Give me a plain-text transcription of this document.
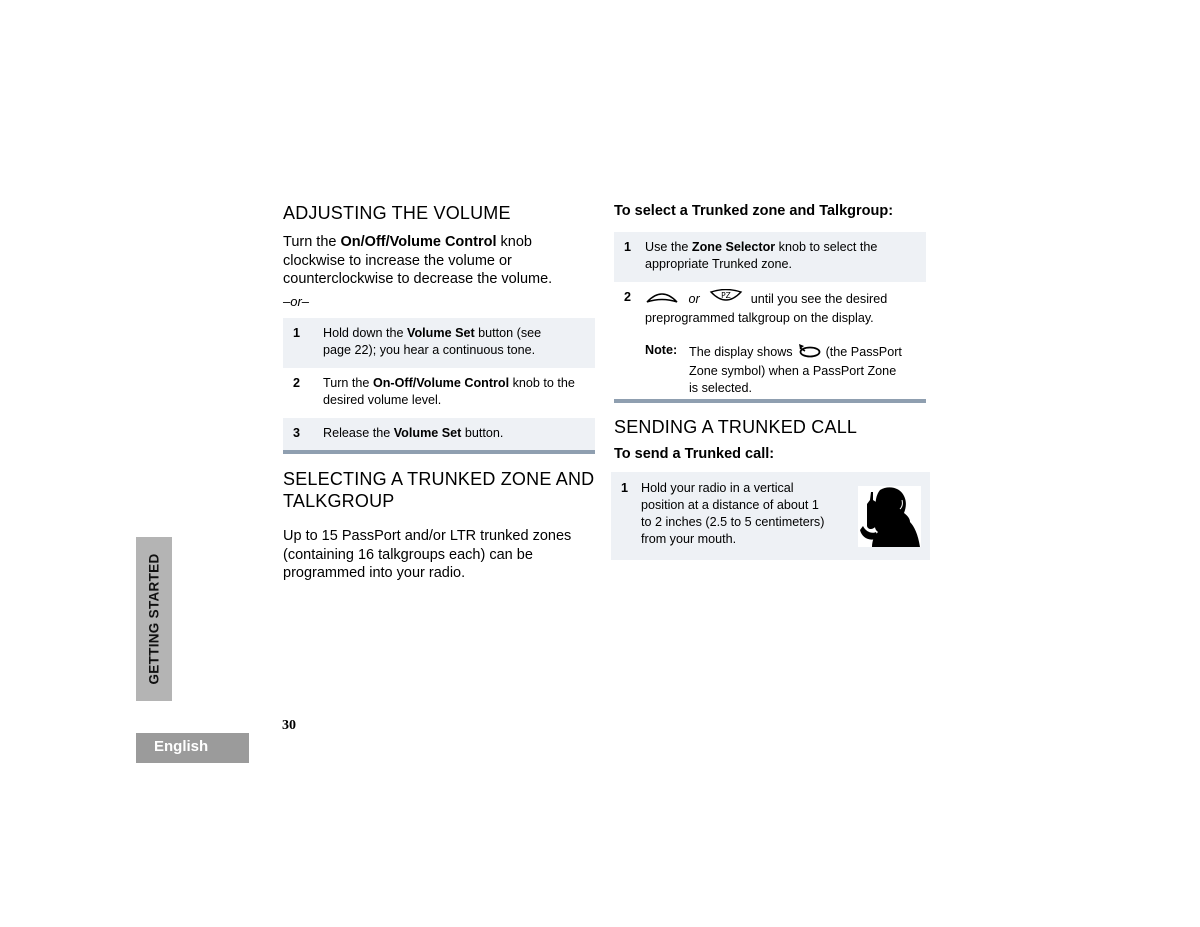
ADJUSTING THE VOLUME
Turn the On/Off/Volume Control knob
clockwise to increase the volume or
counterclockwise to decrease the volume.
–or–
1 Hold down the Volume Set button (see
page 22); you hear a continuous tone.
2 Turn the On-Off/Volume Control knob to the
desired volume level.
3 Release the Volume Set button.
SELECTING A TRUNKED ZONE AND
TALKGROUP
Up to 15 PassPort and/or LTR trunked zones
(containing 16 talkgroups each) can be
programmed into your radio.
To select a Trunked zone and Talkgroup:
1 Use the Zone Selector knob to select the
appropriate Trunked zone.
2	or	PZ until you see the desired
preprogrammed talkgroup on the display.
Note: The display shows  (the PassPort
Zone symbol) when a PassPort Zone
is selected.
SENDING A TRUNKED CALL
To send a Trunked call:
1 Hold your radio in a vertical
position at a distance of about 1
to 2 inches (2.5 to 5 centimeters)
from your mouth.
GETTING STARTED
English
30
